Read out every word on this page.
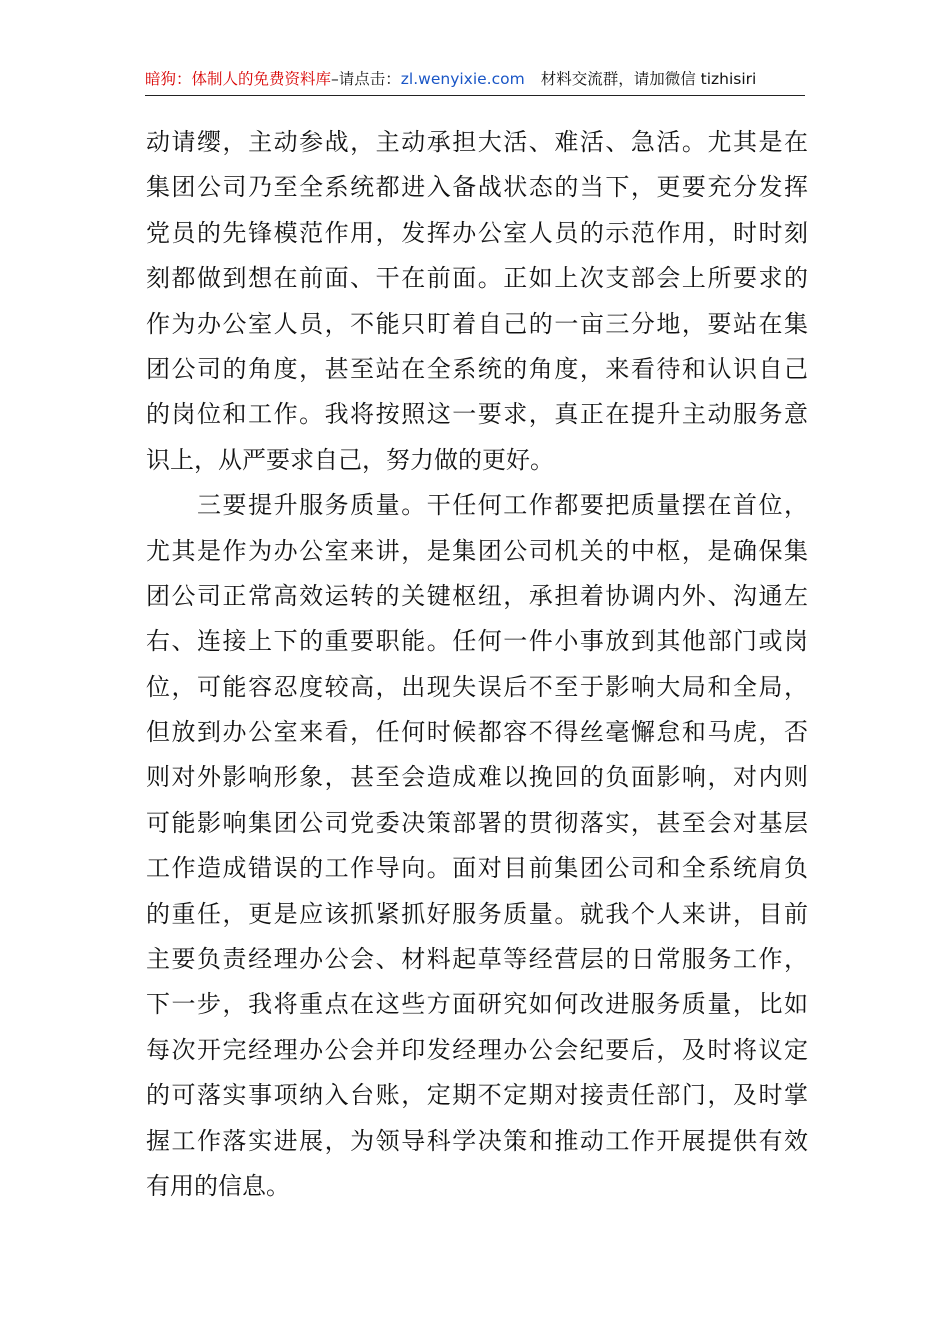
暗狗：体制人的免费资料库–请点击：zl.wenyixie.com 材料交流群，请加微信 tizhisiri
动请缨，主动参战，主动承担大活、难活、急活。尤其是在
集团公司乃至全系统都进入备战状态的当下，更要充分发挥
党员的先锋模范作用，发挥办公室人员的示范作用，时时刻
刻都做到想在前面、干在前面。正如上次支部会上所要求的
作为办公室人员，不能只盯着自己的一亩三分地，要站在集
团公司的角度，甚至站在全系统的角度，来看待和认识自己
的岗位和工作。我将按照这一要求，真正在提升主动服务意
识上，从严要求自己，努力做的更好。
　　三要提升服务质量。干任何工作都要把质量摆在首位，
尤其是作为办公室来讲，是集团公司机关的中枢，是确保集
团公司正常高效运转的关键枢纽，承担着协调内外、沟通左
右、连接上下的重要职能。任何一件小事放到其他部门或岗
位，可能容忍度较高，出现失误后不至于影响大局和全局，
但放到办公室来看，任何时候都容不得丝毫懈怠和马虎，否
则对外影响形象，甚至会造成难以挽回的负面影响，对内则
可能影响集团公司党委决策部署的贯彻落实，甚至会对基层
工作造成错误的工作导向。面对目前集团公司和全系统肩负
的重任，更是应该抓紧抓好服务质量。就我个人来讲，目前
主要负责经理办公会、材料起草等经营层的日常服务工作，
下一步，我将重点在这些方面研究如何改进服务质量，比如
每次开完经理办公会并印发经理办公会纪要后，及时将议定
的可落实事项纳入台账，定期不定期对接责任部门，及时掌
握工作落实进展，为领导科学决策和推动工作开展提供有效
有用的信息。
